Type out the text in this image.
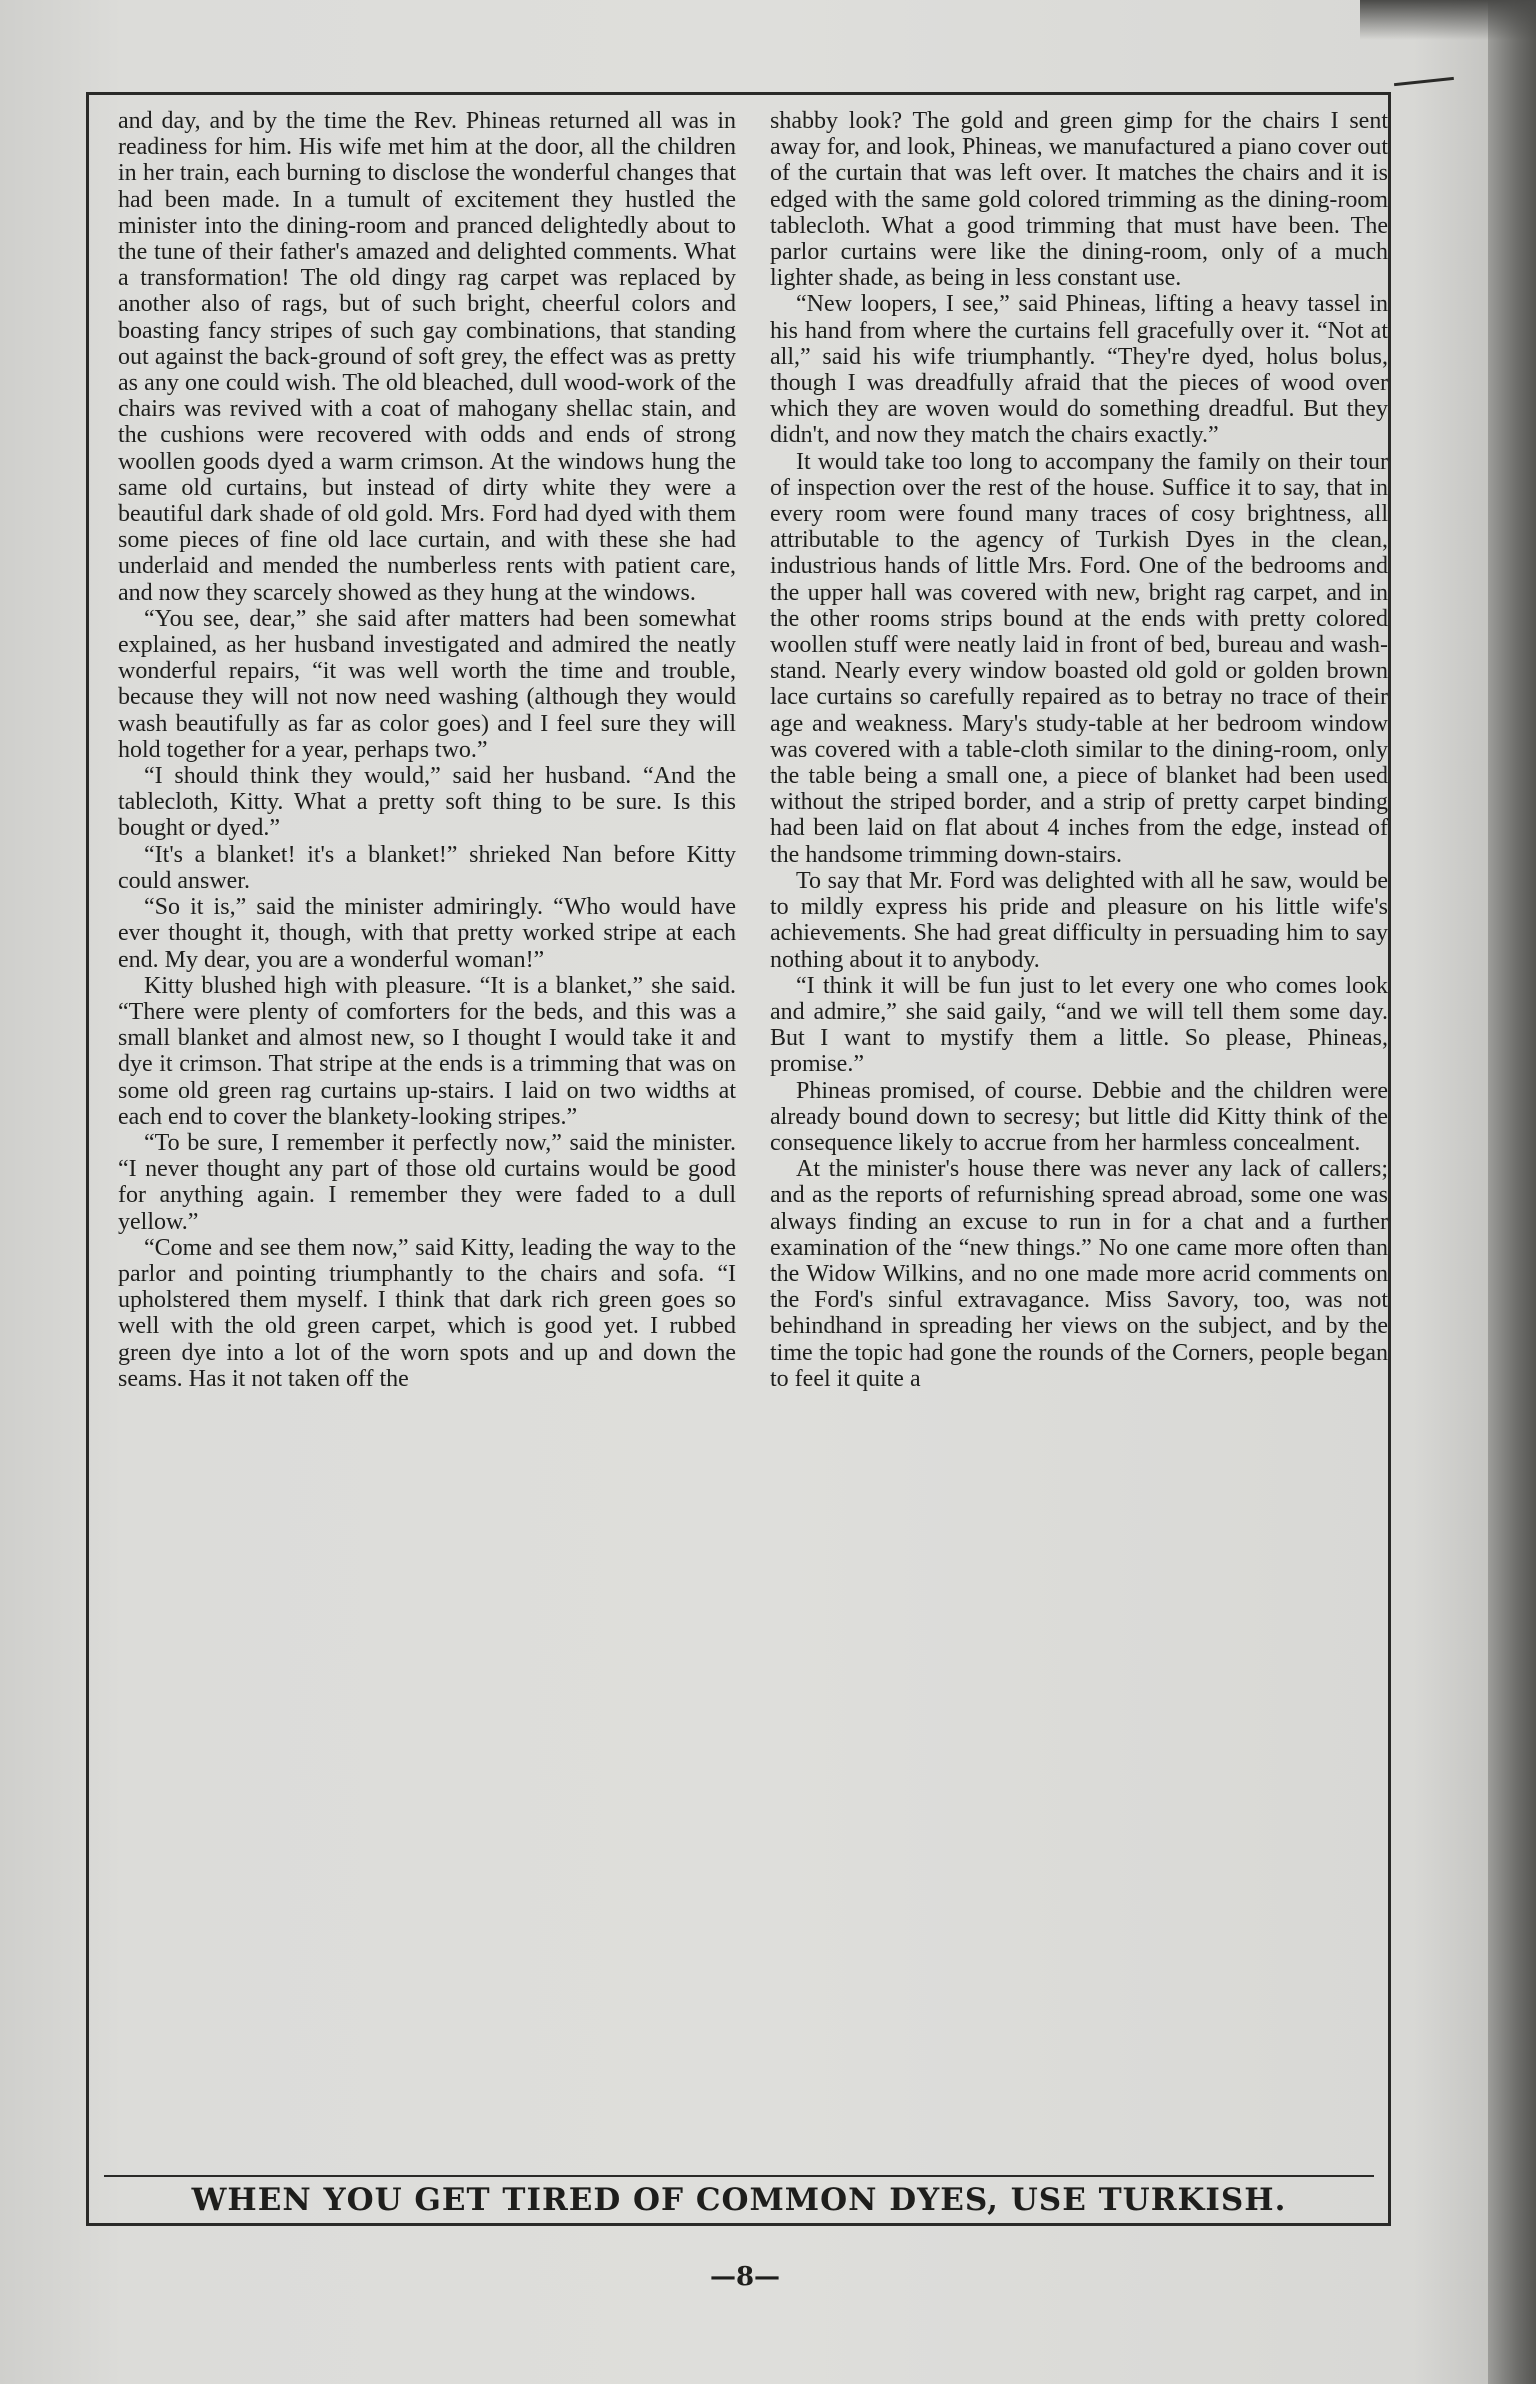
and day, and by the time the Rev. Phineas returned all was in readiness for him. His wife met him at the door, all the children in her train, each burning to disclose the wonderful changes that had been made. In a tumult of excitement they hustled the minister into the dining-room and pranced delightedly about to the tune of their father's amazed and delighted comments. What a transformation! The old dingy rag carpet was replaced by another also of rags, but of such bright, cheerful colors and boasting fancy stripes of such gay combinations, that standing out against the back-ground of soft grey, the effect was as pretty as any one could wish. The old bleached, dull wood-work of the chairs was revived with a coat of mahogany shellac stain, and the cushions were recovered with odds and ends of strong woollen goods dyed a warm crimson. At the windows hung the same old curtains, but instead of dirty white they were a beautiful dark shade of old gold. Mrs. Ford had dyed with them some pieces of fine old lace curtain, and with these she had underlaid and mended the numberless rents with patient care, and now they scarcely showed as they hung at the windows.

“You see, dear,” she said after matters had been somewhat explained, as her husband investigated and admired the neatly wonderful repairs, “it was well worth the time and trouble, because they will not now need washing (although they would wash beautifully as far as color goes) and I feel sure they will hold together for a year, perhaps two.”

“I should think they would,” said her husband. “And the tablecloth, Kitty. What a pretty soft thing to be sure. Is this bought or dyed.”

“It's a blanket! it's a blanket!” shrieked Nan before Kitty could answer.

“So it is,” said the minister admiringly. “Who would have ever thought it, though, with that pretty worked stripe at each end. My dear, you are a wonderful woman!”

Kitty blushed high with pleasure. “It is a blanket,” she said. “There were plenty of comforters for the beds, and this was a small blanket and almost new, so I thought I would take it and dye it crimson. That stripe at the ends is a trimming that was on some old green rag curtains up-stairs. I laid on two widths at each end to cover the blankety-looking stripes.”

“To be sure, I remember it perfectly now,” said the minister. “I never thought any part of those old curtains would be good for anything again. I remember they were faded to a dull yellow.”

“Come and see them now,” said Kitty, leading the way to the parlor and pointing triumphantly to the chairs and sofa. “I upholstered them myself. I think that dark rich green goes so well with the old green carpet, which is good yet. I rubbed green dye into a lot of the worn spots and up and down the seams. Has it not taken off the

shabby look? The gold and green gimp for the chairs I sent away for, and look, Phineas, we manufactured a piano cover out of the curtain that was left over. It matches the chairs and it is edged with the same gold colored trimming as the dining-room tablecloth. What a good trimming that must have been. The parlor curtains were like the dining-room, only of a much lighter shade, as being in less constant use.

“New loopers, I see,” said Phineas, lifting a heavy tassel in his hand from where the curtains fell gracefully over it. “Not at all,” said his wife triumphantly. “They're dyed, holus bolus, though I was dreadfully afraid that the pieces of wood over which they are woven would do something dreadful. But they didn't, and now they match the chairs exactly.”

It would take too long to accompany the family on their tour of inspection over the rest of the house. Suffice it to say, that in every room were found many traces of cosy brightness, all attributable to the agency of Turkish Dyes in the clean, industrious hands of little Mrs. Ford. One of the bedrooms and the upper hall was covered with new, bright rag carpet, and in the other rooms strips bound at the ends with pretty colored woollen stuff were neatly laid in front of bed, bureau and wash-stand. Nearly every window boasted old gold or golden brown lace curtains so carefully repaired as to betray no trace of their age and weakness. Mary's study-table at her bedroom window was covered with a table-cloth similar to the dining-room, only the table being a small one, a piece of blanket had been used without the striped border, and a strip of pretty carpet binding had been laid on flat about 4 inches from the edge, instead of the handsome trimming down-stairs.

To say that Mr. Ford was delighted with all he saw, would be to mildly express his pride and pleasure on his little wife's achievements. She had great difficulty in persuading him to say nothing about it to anybody.

“I think it will be fun just to let every one who comes look and admire,” she said gaily, “and we will tell them some day. But I want to mystify them a little. So please, Phineas, promise.”

Phineas promised, of course. Debbie and the children were already bound down to secresy; but little did Kitty think of the consequence likely to accrue from her harmless concealment.

At the minister's house there was never any lack of callers; and as the reports of refurnishing spread abroad, some one was always finding an excuse to run in for a chat and a further examination of the “new things.” No one came more often than the Widow Wilkins, and no one made more acrid comments on the Ford's sinful extravagance. Miss Savory, too, was not behindhand in spreading her views on the subject, and by the time the topic had gone the rounds of the Corners, people began to feel it quite a

WHEN YOU GET TIRED OF COMMON DYES, USE TURKISH.
—8—
